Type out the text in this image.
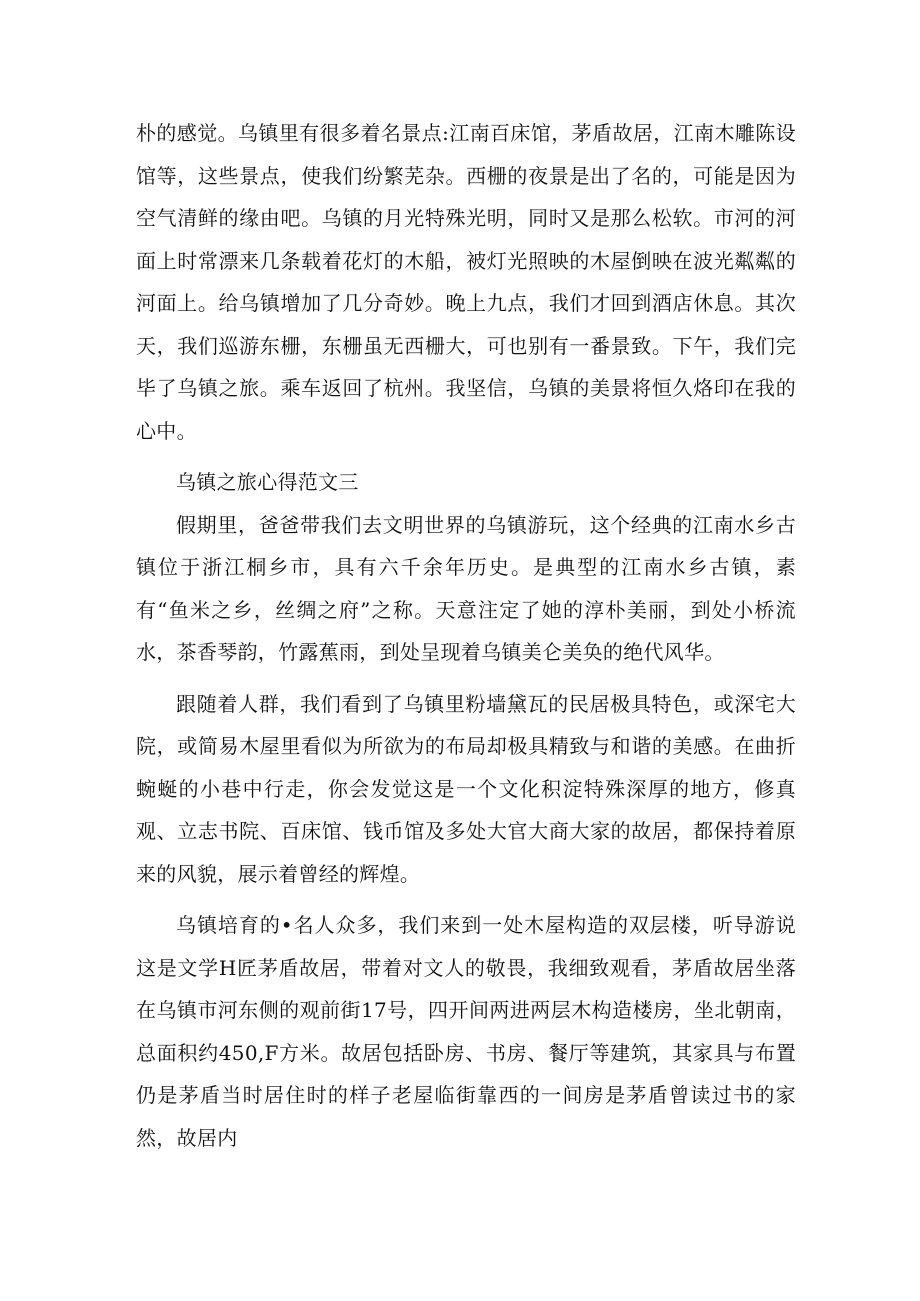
朴的感觉。乌镇里有很多着名景点:江南百床馆，茅盾故居，江南木雕陈设馆等，这些景点，使我们纷繁芜杂。西栅的夜景是出了名的，可能是因为空气清鲜的缘由吧。乌镇的月光特殊光明，同时又是那么松软。市河的河面上时常漂来几条载着花灯的木船，被灯光照映的木屋倒映在波光粼粼的河面上。给乌镇增加了几分奇妙。晚上九点，我们才回到酒店休息。其次天，我们巡游东栅，东栅虽无西栅大，可也别有一番景致。下午，我们完毕了乌镇之旅。乘车返回了杭州。我坚信，乌镇的美景将恒久烙印在我的心中。

乌镇之旅心得范文三

假期里，爸爸带我们去文明世界的乌镇游玩，这个经典的江南水乡古镇位于浙江桐乡市，具有六千余年历史。是典型的江南水乡古镇，素有“鱼米之乡，丝绸之府”之称。天意注定了她的淳朴美丽，到处小桥流水，茶香琴韵，竹露蕉雨，到处呈现着乌镇美仑美奂的绝代风华。

跟随着人群，我们看到了乌镇里粉墙黛瓦的民居极具特色，或深宅大院，或简易木屋里看似为所欲为的布局却极具精致与和谐的美感。在曲折蜿蜒的小巷中行走，你会发觉这是一个文化积淀特殊深厚的地方，修真观、立志书院、百床馆、钱币馆及多处大官大商大家的故居，都保持着原来的风貌，展示着曾经的辉煌。

乌镇培育的•名人众多，我们来到一处木屋构造的双层楼，听导游说这是文学H匠茅盾故居，带着对文人的敬畏，我细致观看，茅盾故居坐落在乌镇市河东侧的观前街17号，四开间两进两层木构造楼房，坐北朝南，总面积约450,F方米。故居包括卧房、书房、餐厅等建筑，其家具与布置仍是茅盾当时居住时的样子老屋临街靠西的一间房是茅盾曾读过书的家然，故居内
